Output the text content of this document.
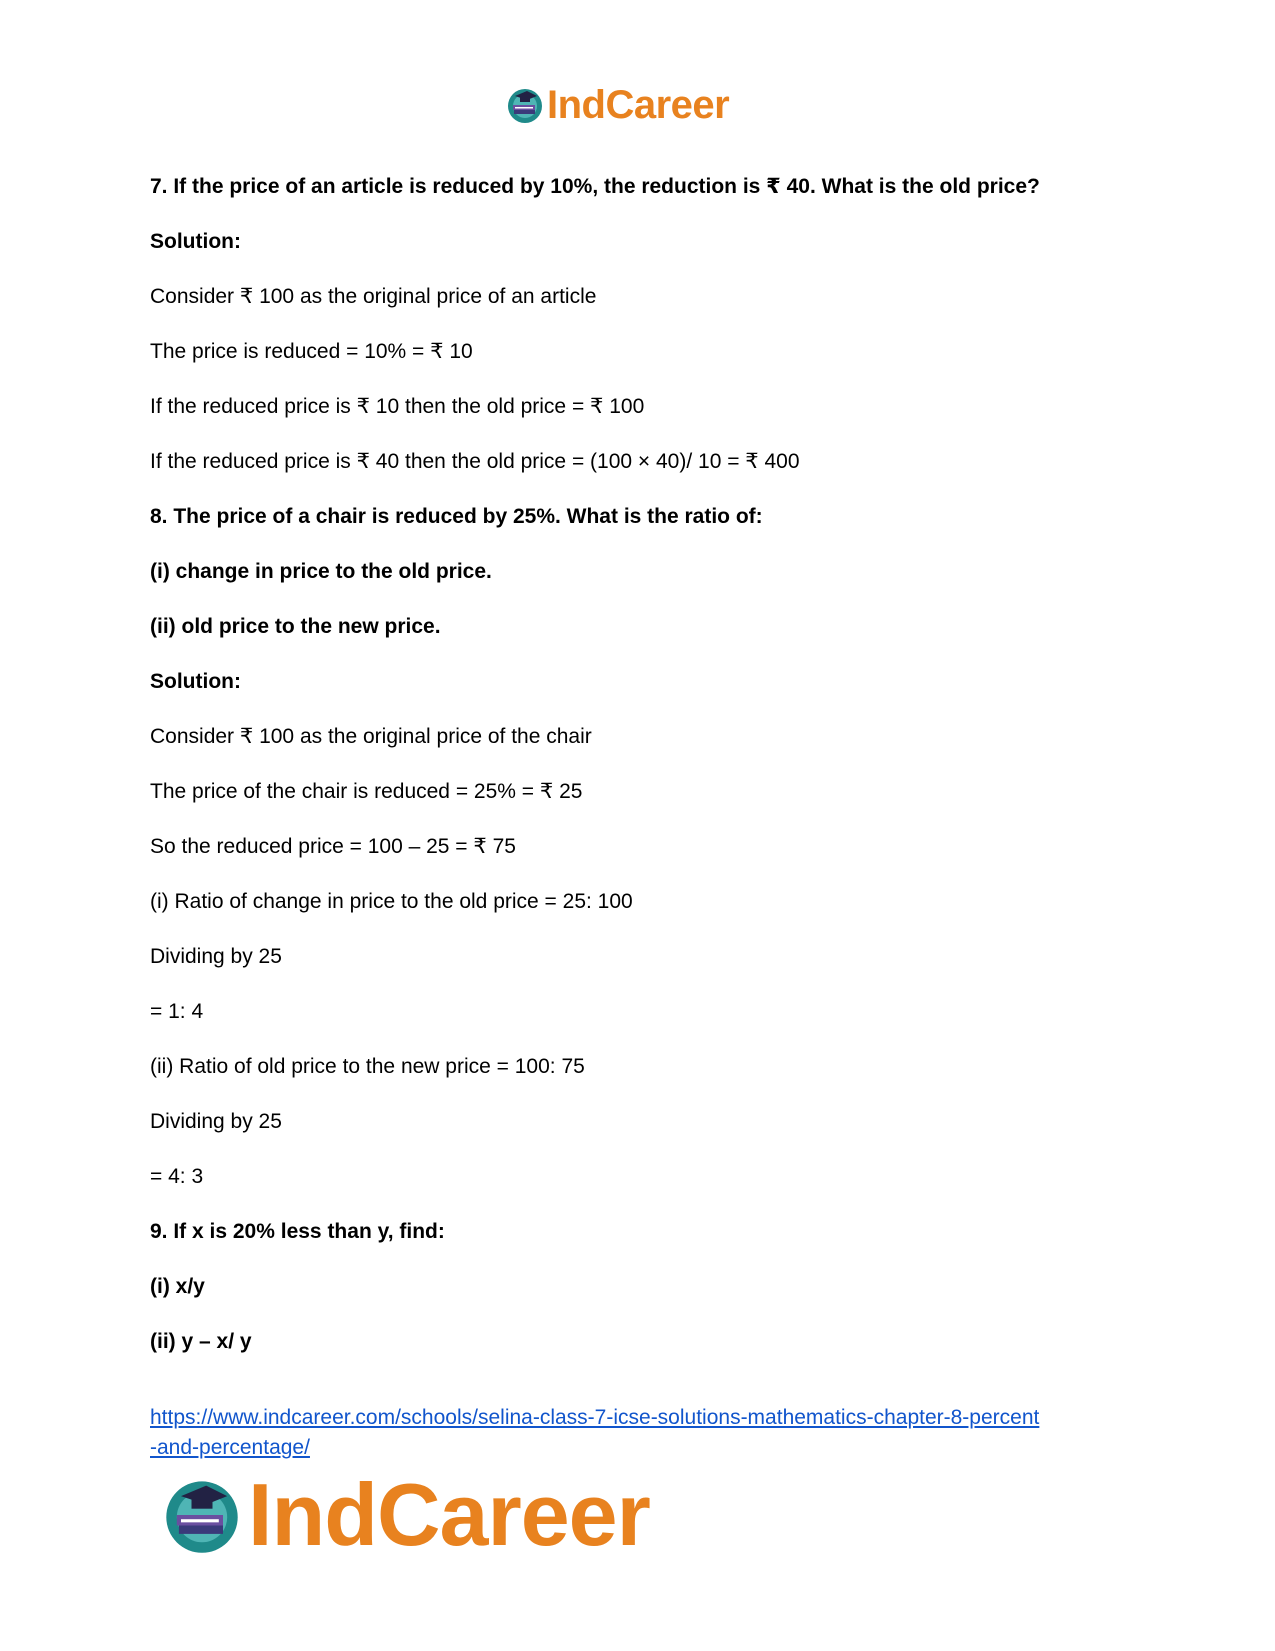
IndCareer
7. If the price of an article is reduced by 10%, the reduction is ₹ 40. What is the old price?
Solution:
Consider ₹ 100 as the original price of an article
The price is reduced = 10% = ₹ 10
If the reduced price is ₹ 10 then the old price = ₹ 100
If the reduced price is ₹ 40 then the old price = (100 × 40)/ 10 = ₹ 400
8. The price of a chair is reduced by 25%. What is the ratio of:
(i) change in price to the old price.
(ii) old price to the new price.
Solution:
Consider ₹ 100 as the original price of the chair
The price of the chair is reduced = 25% = ₹ 25
So the reduced price = 100 – 25 = ₹ 75
(i) Ratio of change in price to the old price = 25: 100
Dividing by 25
= 1: 4
(ii) Ratio of old price to the new price = 100: 75
Dividing by 25
= 4: 3
9. If x is 20% less than y, find:
(i) x/y
(ii) y – x/ y
https://www.indcareer.com/schools/selina-class-7-icse-solutions-mathematics-chapter-8-percent
-and-percentage/
IndCareer
